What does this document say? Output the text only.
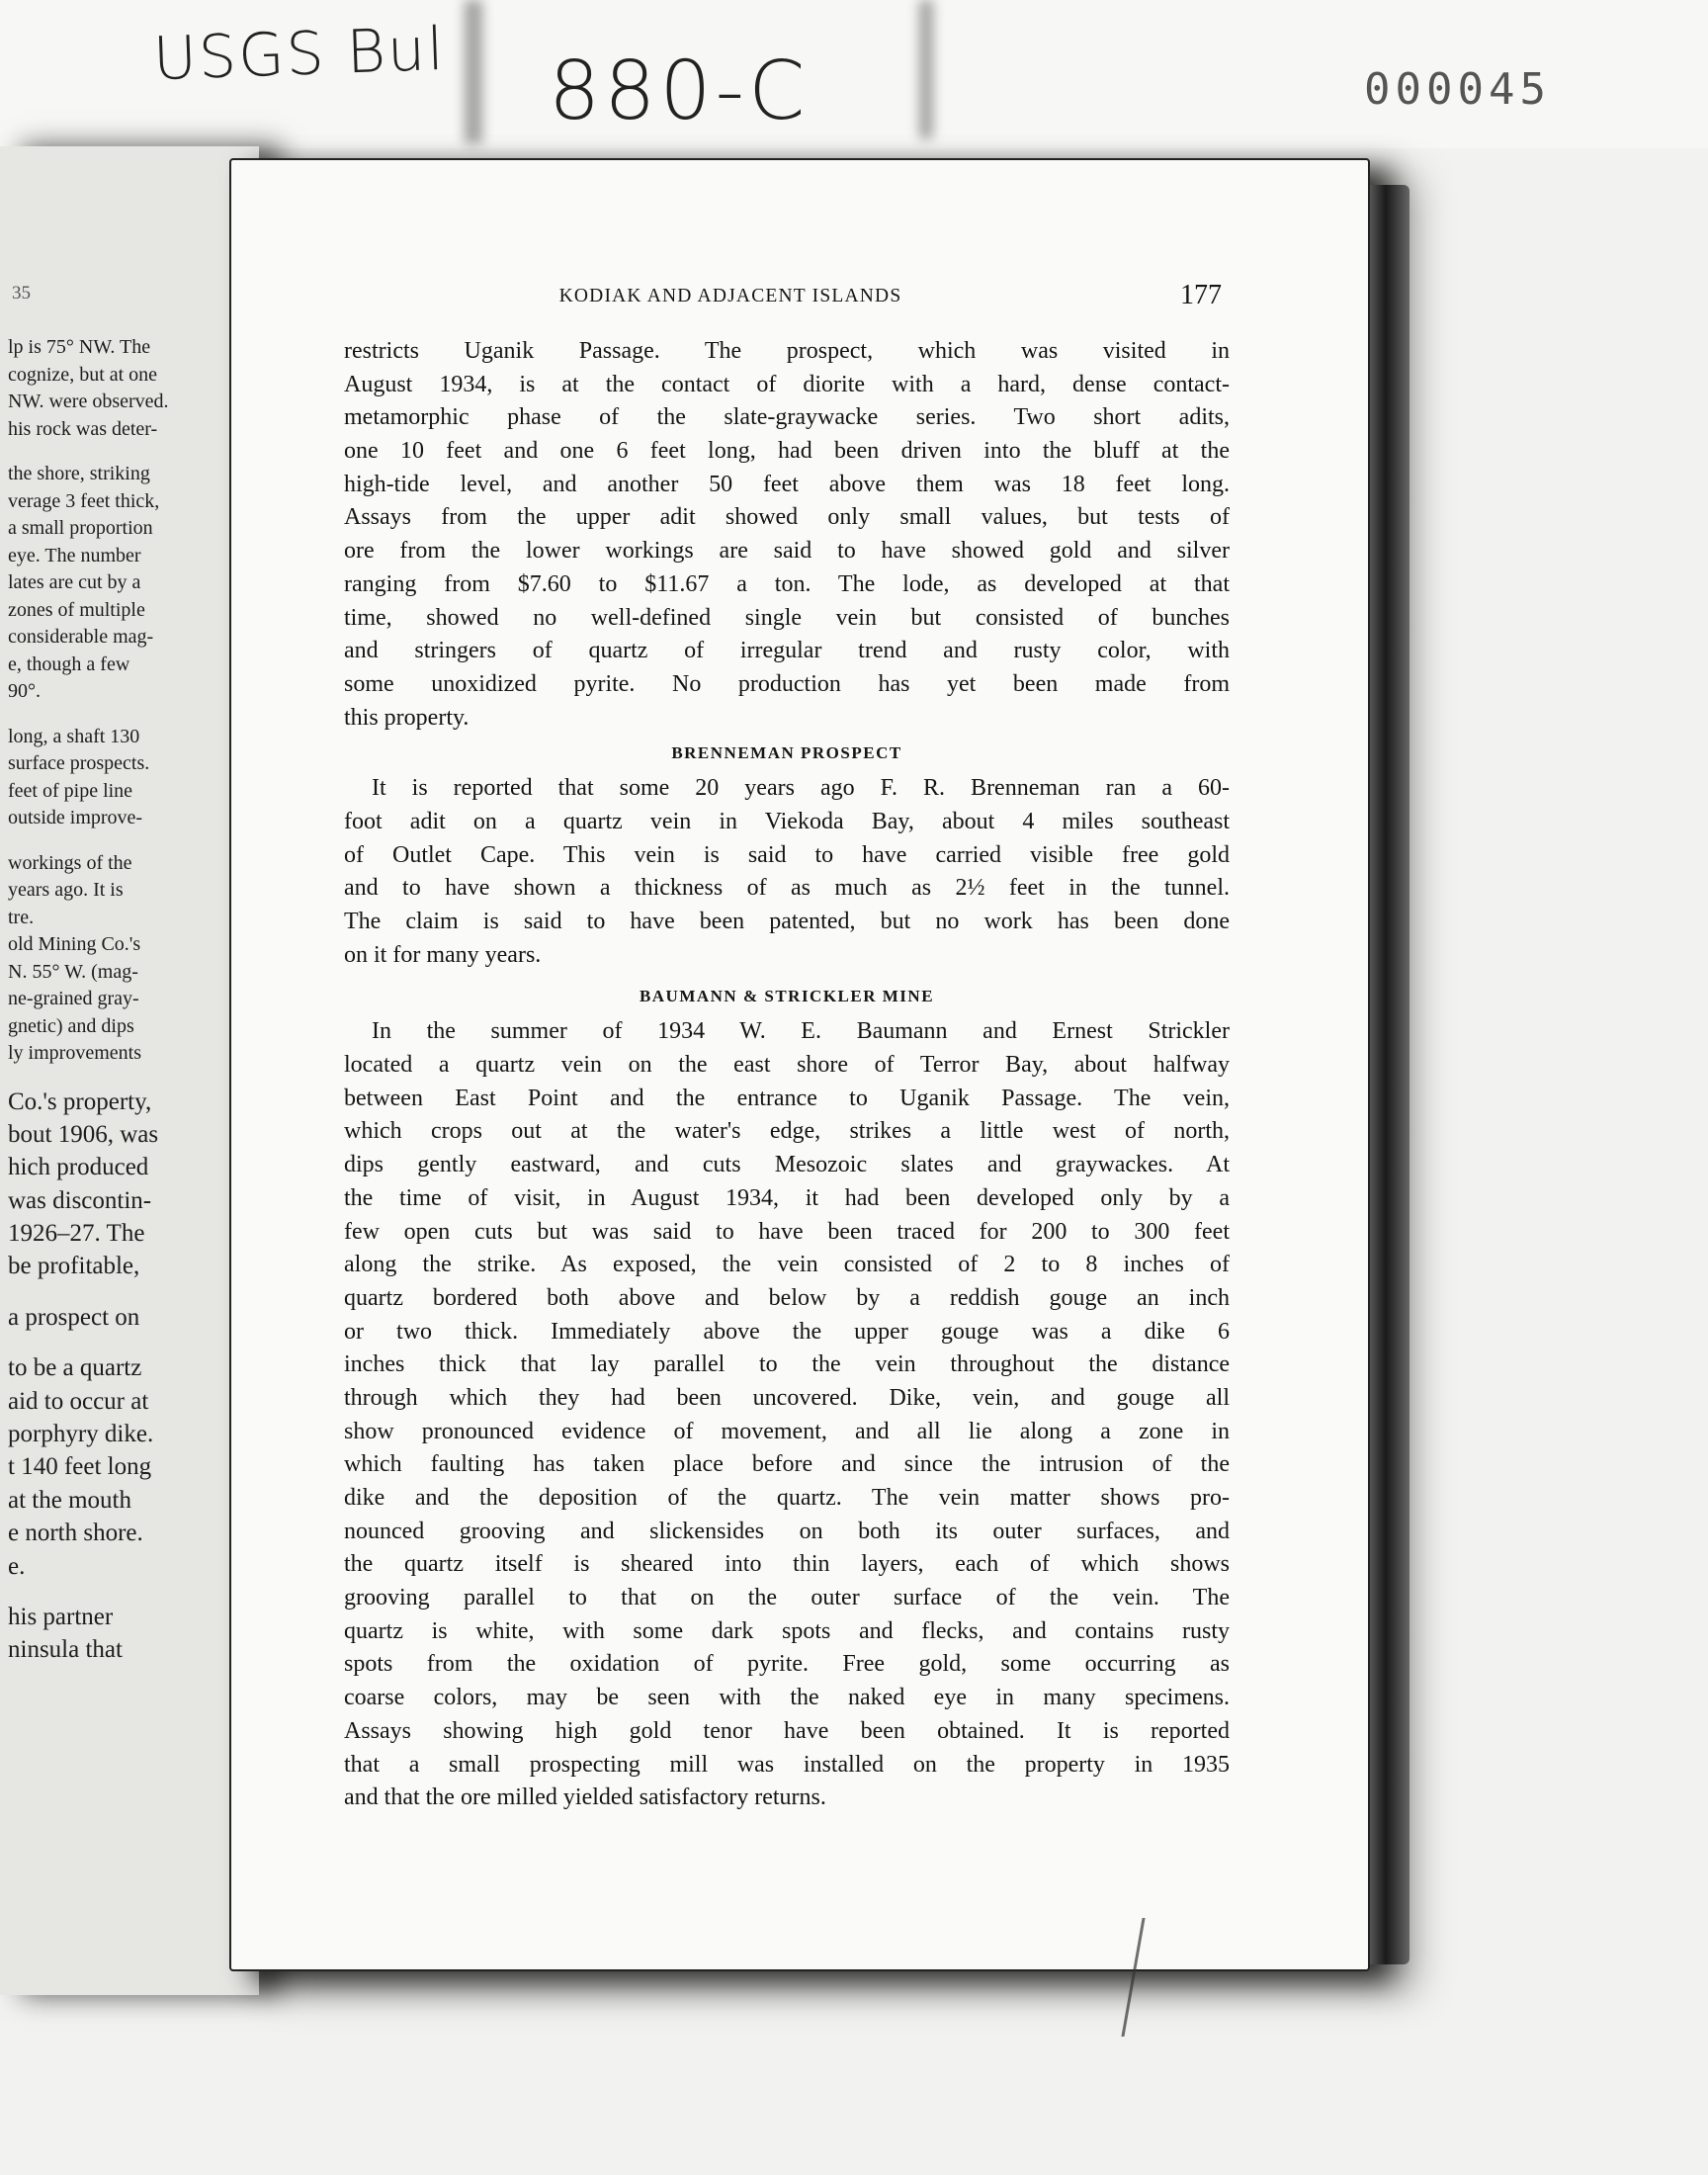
USGS Bul 880-C	000045
35
lp is 75° NW. The
cognize, but at one
NW. were observed.
his rock was deter-
the shore, striking
verage 3 feet thick,
a small proportion
eye. The number
lates are cut by a
zones of multiple
considerable mag-
e, though a few
90°.
long, a shaft 130
surface prospects.
feet of pipe line
outside improve-
workings of the
years ago. It is
tre.
old Mining Co.'s
N. 55° W. (mag-
ne-grained gray-
gnetic) and dips
ly improvements
Co.'s property,
bout 1906, was
hich produced
was discontin-
1926–27. The
be profitable,
a prospect on
to be a quartz
aid to occur at
porphyry dike.
t 140 feet long
at the mouth
e north shore.
e.
his partner
ninsula that
KODIAK AND ADJACENT ISLANDS	177
restricts Uganik Passage. The prospect, which was visited in
August 1934, is at the contact of diorite with a hard, dense contact-
metamorphic phase of the slate-graywacke series. Two short adits,
one 10 feet and one 6 feet long, had been driven into the bluff at the
high-tide level, and another 50 feet above them was 18 feet long.
Assays from the upper adit showed only small values, but tests of
ore from the lower workings are said to have showed gold and silver
ranging from $7.60 to $11.67 a ton. The lode, as developed at that
time, showed no well-defined single vein but consisted of bunches
and stringers of quartz of irregular trend and rusty color, with
some unoxidized pyrite. No production has yet been made from
this property.
BRENNEMAN PROSPECT
It is reported that some 20 years ago F. R. Brenneman ran a 60-
foot adit on a quartz vein in Viekoda Bay, about 4 miles southeast
of Outlet Cape. This vein is said to have carried visible free gold
and to have shown a thickness of as much as 2½ feet in the tunnel.
The claim is said to have been patented, but no work has been done
on it for many years.
BAUMANN & STRICKLER MINE
In the summer of 1934 W. E. Baumann and Ernest Strickler
located a quartz vein on the east shore of Terror Bay, about halfway
between East Point and the entrance to Uganik Passage. The vein,
which crops out at the water's edge, strikes a little west of north,
dips gently eastward, and cuts Mesozoic slates and graywackes. At
the time of visit, in August 1934, it had been developed only by a
few open cuts but was said to have been traced for 200 to 300 feet
along the strike. As exposed, the vein consisted of 2 to 8 inches of
quartz bordered both above and below by a reddish gouge an inch
or two thick. Immediately above the upper gouge was a dike 6
inches thick that lay parallel to the vein throughout the distance
through which they had been uncovered. Dike, vein, and gouge all
show pronounced evidence of movement, and all lie along a zone in
which faulting has taken place before and since the intrusion of the
dike and the deposition of the quartz. The vein matter shows pro-
nounced grooving and slickensides on both its outer surfaces, and
the quartz itself is sheared into thin layers, each of which shows
grooving parallel to that on the outer surface of the vein. The
quartz is white, with some dark spots and flecks, and contains rusty
spots from the oxidation of pyrite. Free gold, some occurring as
coarse colors, may be seen with the naked eye in many specimens.
Assays showing high gold tenor have been obtained. It is reported
that a small prospecting mill was installed on the property in 1935
and that the ore milled yielded satisfactory returns.
